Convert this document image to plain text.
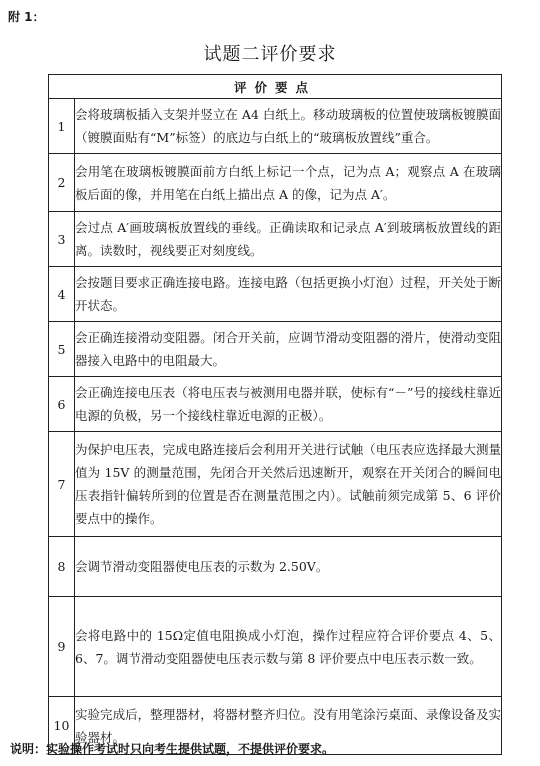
附 1：
试题二评价要求
评价要点	
1	会将玻璃板插入支架并竖立在 A4 白纸上。移动玻璃板的位置使玻璃板镀膜面（镀膜面贴有“M”标签）的底边与白纸上的“玻璃板放置线”重合。
2	会用笔在玻璃板镀膜面前方白纸上标记一个点，记为点 A；观察点 A 在玻璃板后面的像，并用笔在白纸上描出点 A 的像，记为点 A′。
3	会过点 A′画玻璃板放置线的垂线。正确读取和记录点 A′到玻璃板放置线的距离。读数时，视线要正对刻度线。
4	会按题目要求正确连接电路。连接电路（包括更换小灯泡）过程，开关处于断开状态。
5	会正确连接滑动变阻器。闭合开关前，应调节滑动变阻器的滑片，使滑动变阻器接入电路中的电阻最大。
6	会正确连接电压表（将电压表与被测用电器并联，使标有“－”号的接线柱靠近电源的负极，另一个接线柱靠近电源的正极）。
7	为保护电压表，完成电路连接后会利用开关进行试触（电压表应选择最大测量值为 15V 的测量范围，先闭合开关然后迅速断开，观察在开关闭合的瞬间电压表指针偏转所到的位置是否在测量范围之内）。试触前须完成第 5、6 评价要点中的操作。
8	会调节滑动变阻器使电压表的示数为 2.50V。
9	会将电路中的 15Ω定值电阻换成小灯泡，操作过程应符合评价要点 4、5、6、7。调节滑动变阻器使电压表示数与第 8 评价要点中电压表示数一致。
10	实验完成后，整理器材，将器材整齐归位。没有用笔涂污桌面、录像设备及实验器材。
说明：实验操作考试时只向考生提供试题，不提供评价要求。
